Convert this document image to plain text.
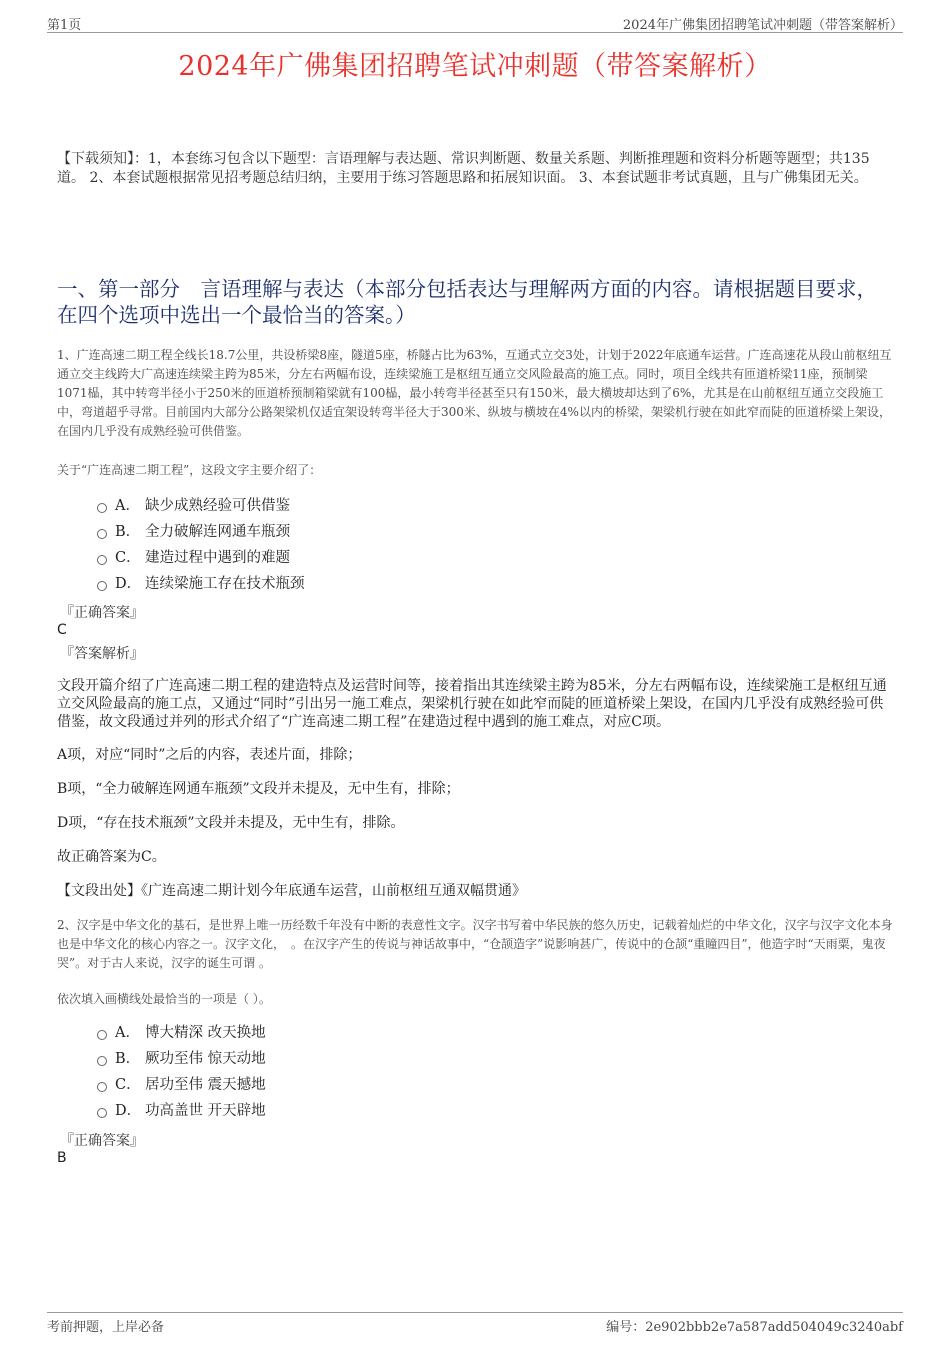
第1页	2024年广佛集团招聘笔试冲刺题（带答案解析）
2024年广佛集团招聘笔试冲刺题（带答案解析）
【下载须知】：1，本套练习包含以下题型：言语理解与表达题、常识判断题、数量关系题、判断推理题和资料分析题等题型；共135道。 2、本套试题根据常见招考题总结归纳，主要用于练习答题思路和拓展知识面。 3、本套试题非考试真题，且与广佛集团无关。
一、第一部分　言语理解与表达（本部分包括表达与理解两方面的内容。请根据题目要求，在四个选项中选出一个最恰当的答案。）
1、广连高速二期工程全线长18.7公里，共设桥梁8座，隧道5座，桥隧占比为63%，互通式立交3处，计划于2022年底通车运营。广连高速花从段山前枢纽互通立交主线跨大广高速连续梁主跨为85米，分左右两幅布设，连续梁施工是枢纽互通立交风险最高的施工点。同时，项目全线共有匝道桥梁11座，预制梁1071榀，其中转弯半径小于250米的匝道桥预制箱梁就有100榀，最小转弯半径甚至只有150米，最大横坡却达到了6%，尤其是在山前枢纽互通立交段施工中，弯道超乎寻常。目前国内大部分公路架梁机仅适宜架设转弯半径大于300米、纵坡与横坡在4%以内的桥梁，架梁机行驶在如此窄而陡的匝道桥梁上架设，在国内几乎没有成熟经验可供借鉴。
关于“广连高速二期工程”，这段文字主要介绍了：
A． 缺少成熟经验可供借鉴
B． 全力破解连网通车瓶颈
C． 建造过程中遇到的难题
D． 连续梁施工存在技术瓶颈
『正确答案』
C
『答案解析』
文段开篇介绍了广连高速二期工程的建造特点及运营时间等，接着指出其连续梁主跨为85米，分左右两幅布设，连续梁施工是枢纽互通立交风险最高的施工点，又通过“同时”引出另一施工难点，架梁机行驶在如此窄而陡的匝道桥梁上架设，在国内几乎没有成熟经验可供借鉴，故文段通过并列的形式介绍了“广连高速二期工程”在建造过程中遇到的施工难点，对应C项。
A项，对应“同时”之后的内容，表述片面，排除；
B项，“全力破解连网通车瓶颈”文段并未提及，无中生有，排除；
D项，“存在技术瓶颈”文段并未提及，无中生有，排除。
故正确答案为C。
【文段出处】《广连高速二期计划今年底通车运营，山前枢纽互通双幅贯通》
2、汉字是中华文化的基石，是世界上唯一历经数千年没有中断的表意性文字。汉字书写着中华民族的悠久历史，记载着灿烂的中华文化，汉字与汉字文化本身也是中华文化的核心内容之一。汉字文化，　。在汉字产生的传说与神话故事中，“仓颉造字”说影响甚广，传说中的仓颉“重瞳四目”，他造字时“天雨粟，鬼夜哭”。对于古人来说，汉字的诞生可谓 。
依次填入画横线处最恰当的一项是（ ）。
A． 博大精深 改天换地
B． 厥功至伟 惊天动地
C． 居功至伟 震天撼地
D． 功高盖世 开天辟地
『正确答案』
B
考前押题，上岸必备	编号：2e902bbb2e7a587add504049c3240abf
